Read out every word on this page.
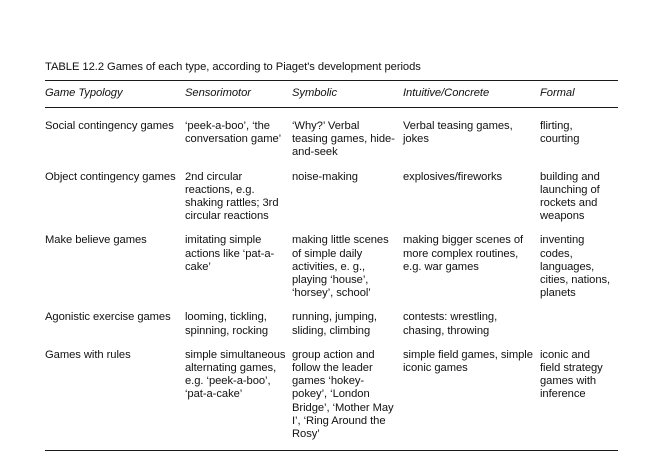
TABLE 12.2 Games of each type, according to Piaget's development periods
Game Typology	Sensorimotor	Symbolic	Intuitive/Concrete	Formal
Social contingency games	‘peek-a-boo’, ‘the conversation game’	‘Why?’ Verbal teasing games, hide-and-seek	Verbal teasing games, jokes	flirting, courting
Object contingency games	2nd circular reactions, e.g. shaking rattles; 3rd circular reactions	noise-making	explosives/fireworks	building and launching of rockets and weapons
Make believe games	imitating simple actions like ‘pat-a-cake’	making little scenes of simple daily activities, e. g., playing ‘house’, ‘horsey’, school’	making bigger scenes of more complex routines, e.g. war games	inventing codes, languages, cities, nations, planets
Agonistic exercise games	looming, tickling, spinning, rocking	running, jumping, sliding, climbing	contests: wrestling, chasing, throwing	
Games with rules	simple simultaneous alternating games, e.g. ‘peek-a-boo’, ‘pat-a-cake’	group action and follow the leader games ‘hokey-pokey’, ‘London Bridge’, ‘Mother May I’, ‘Ring Around the Rosy’	simple field games, simple iconic games	iconic and field strategy games with inference
